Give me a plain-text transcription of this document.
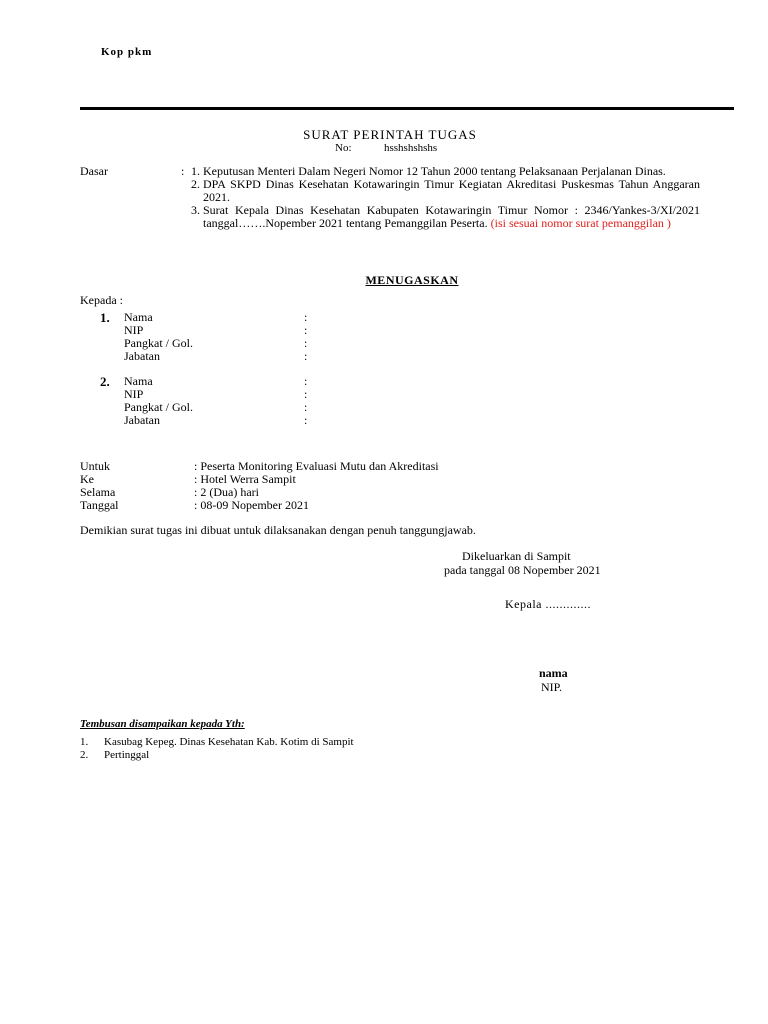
Kop pkm
SURAT PERINTAH TUGAS
No:	hsshshshshs
Dasar	: 1. Keputusan Menteri Dalam Negeri Nomor 12 Tahun 2000 tentang Pelaksanaan Perjalanan Dinas.
2. DPA SKPD Dinas Kesehatan Kotawaringin Timur Kegiatan Akreditasi Puskesmas Tahun Anggaran 2021.
3. Surat Kepala Dinas Kesehatan Kabupaten Kotawaringin Timur Nomor : 2346/Yankes-3/XI/2021 tanggal…….Nopember 2021 tentang Pemanggilan Peserta. (isi sesuai nomor surat pemanggilan )
MENUGASKAN
Kepada :
1. Nama	:
NIP	:
Pangkat / Gol.	:
Jabatan	:
2. Nama	:
NIP	:
Pangkat / Gol.	:
Jabatan	:
Untuk	: Peserta Monitoring Evaluasi Mutu dan Akreditasi
Ke	: Hotel Werra Sampit
Selama	: 2 (Dua) hari
Tanggal	: 08-09 Nopember 2021
Demikian surat tugas ini dibuat untuk dilaksanakan dengan penuh tanggungjawab.
Dikeluarkan di Sampit
pada tanggal 08 Nopember 2021
Kepala .............
nama
NIP.
Tembusan disampaikan kepada Yth:
1. Kasubag Kepeg. Dinas Kesehatan Kab. Kotim di Sampit
2. Pertinggal
